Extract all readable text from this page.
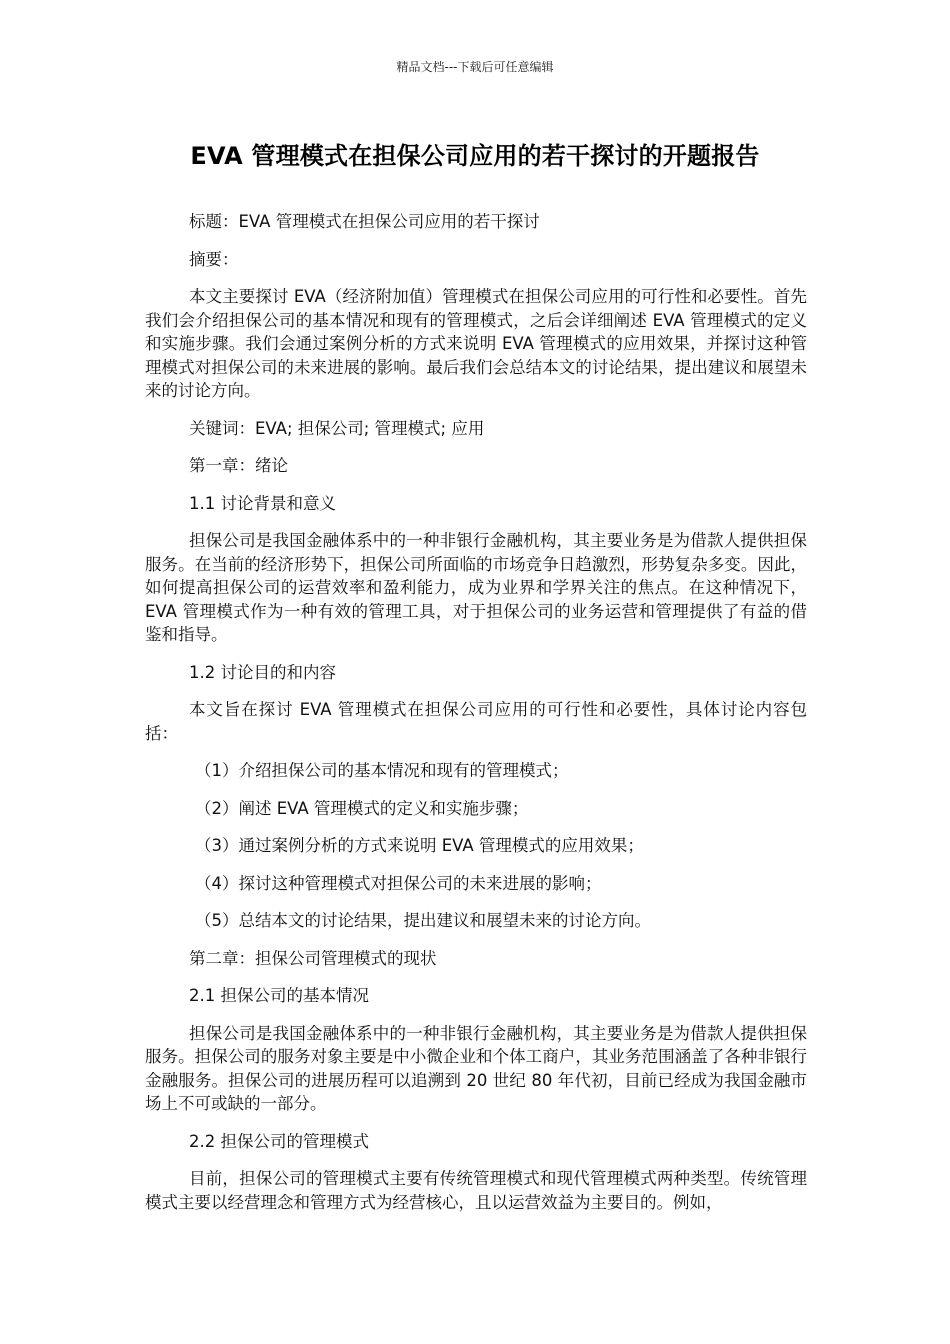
精品文档---下载后可任意编辑
EVA 管理模式在担保公司应用的若干探讨的开题报告

标题：EVA 管理模式在担保公司应用的若干探讨

摘要：

本文主要探讨 EVA（经济附加值）管理模式在担保公司应用的可行性和必要性。首先我们会介绍担保公司的基本情况和现有的管理模式，之后会详细阐述 EVA 管理模式的定义和实施步骤。我们会通过案例分析的方式来说明 EVA 管理模式的应用效果，并探讨这种管理模式对担保公司的未来进展的影响。最后我们会总结本文的讨论结果，提出建议和展望未来的讨论方向。

关键词：EVA; 担保公司; 管理模式; 应用

第一章：绪论

1.1 讨论背景和意义

担保公司是我国金融体系中的一种非银行金融机构，其主要业务是为借款人提供担保服务。在当前的经济形势下，担保公司所面临的市场竞争日趋激烈，形势复杂多变。因此，如何提高担保公司的运营效率和盈利能力，成为业界和学界关注的焦点。在这种情况下，EVA 管理模式作为一种有效的管理工具，对于担保公司的业务运营和管理提供了有益的借鉴和指导。

1.2 讨论目的和内容

本文旨在探讨 EVA 管理模式在担保公司应用的可行性和必要性，具体讨论内容包括：

（1）介绍担保公司的基本情况和现有的管理模式；

（2）阐述 EVA 管理模式的定义和实施步骤；

（3）通过案例分析的方式来说明 EVA 管理模式的应用效果；

（4）探讨这种管理模式对担保公司的未来进展的影响；

（5）总结本文的讨论结果，提出建议和展望未来的讨论方向。

第二章：担保公司管理模式的现状

2.1 担保公司的基本情况

担保公司是我国金融体系中的一种非银行金融机构，其主要业务是为借款人提供担保服务。担保公司的服务对象主要是中小微企业和个体工商户，其业务范围涵盖了各种非银行金融服务。担保公司的进展历程可以追溯到 20 世纪 80 年代初，目前已经成为我国金融市场上不可或缺的一部分。

2.2 担保公司的管理模式

目前，担保公司的管理模式主要有传统管理模式和现代管理模式两种类型。传统管理模式主要以经营理念和管理方式为经营核心，且以运营效益为主要目的。例如，
